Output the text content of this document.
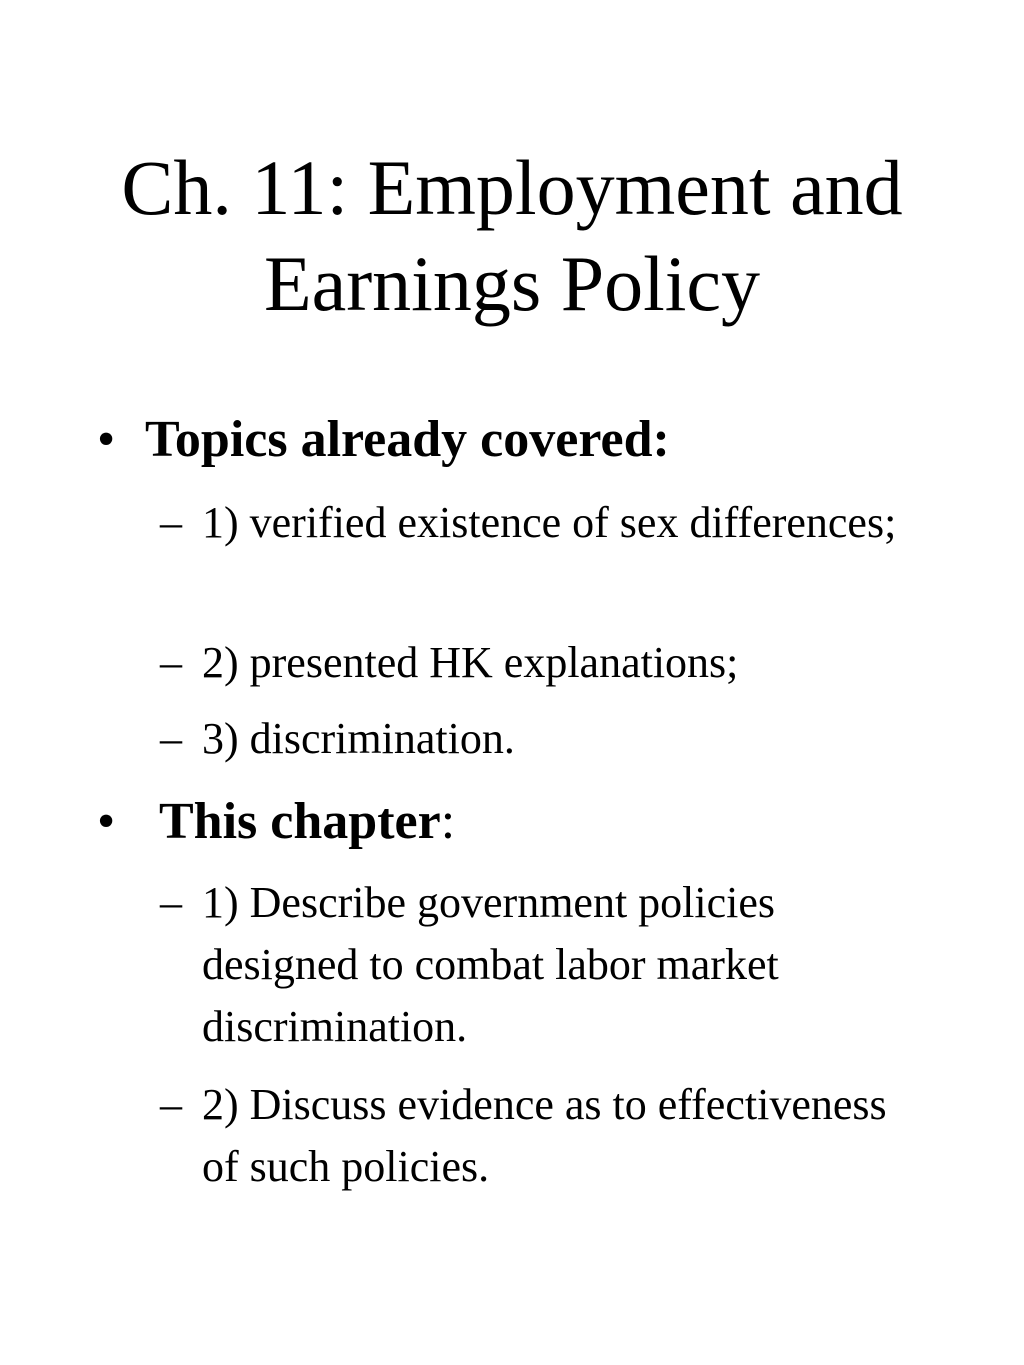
Ch. 11: Employment and
Earnings Policy
• Topics already covered:
– 1) verified existence of sex differences;
– 2) presented HK explanations;
– 3) discrimination.
• This chapter:
– 1) Describe government policies designed to combat labor market discrimination.
– 2) Discuss evidence as to effectiveness of such policies.
